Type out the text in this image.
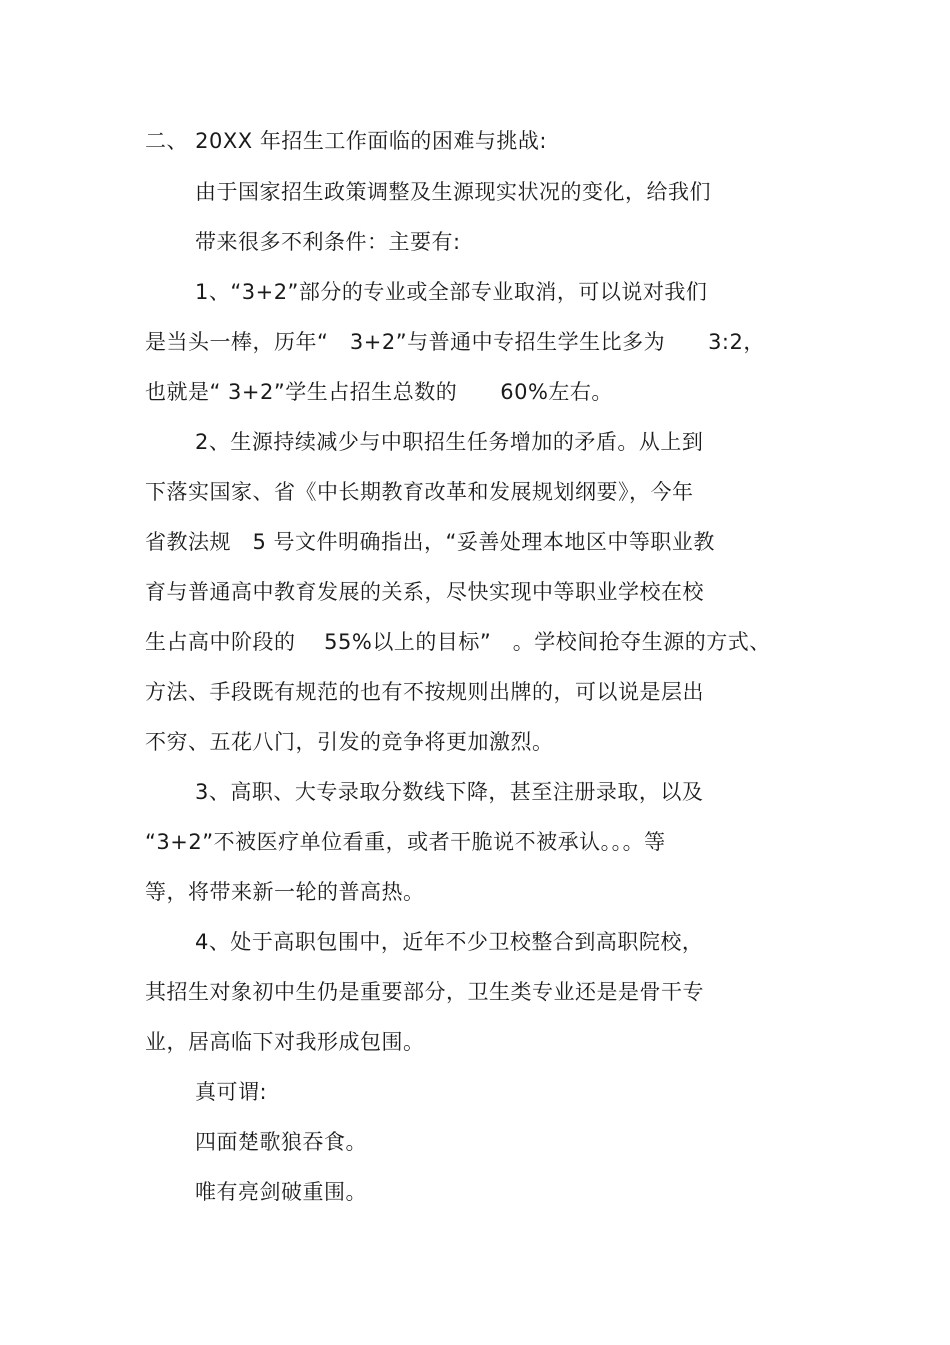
二、 20XX 年招生工作面临的困难与挑战:
由于国家招生政策调整及生源现实状况的变化，给我们
带来很多不利条件：主要有:
1、“3+2”部分的专业或全部专业取消，可以说对我们
是当头一棒，历年“　3+2”与普通中专招生学生比多为　　3:2，
也就是“ 3+2”学生占招生总数的　　60%左右。
2、生源持续减少与中职招生任务增加的矛盾。从上到
下落实国家、省《中长期教育改革和发展规划纲要》，今年
省教法规　5 号文件明确指出，“妥善处理本地区中等职业教
育与普通高中教育发展的关系，尽快实现中等职业学校在校
生占高中阶段的　 55%以上的目标”　。学校间抢夺生源的方式、
方法、手段既有规范的也有不按规则出牌的，可以说是层出
不穷、五花八门，引发的竞争将更加激烈。
3、高职、大专录取分数线下降，甚至注册录取，以及
“3+2”不被医疗单位看重，或者干脆说不被承认。。。等
等，将带来新一轮的普高热。
4、处于高职包围中，近年不少卫校整合到高职院校，
其招生对象初中生仍是重要部分，卫生类专业还是是骨干专
业，居高临下对我形成包围。
真可谓:
四面楚歌狼吞食。
唯有亮剑破重围。
